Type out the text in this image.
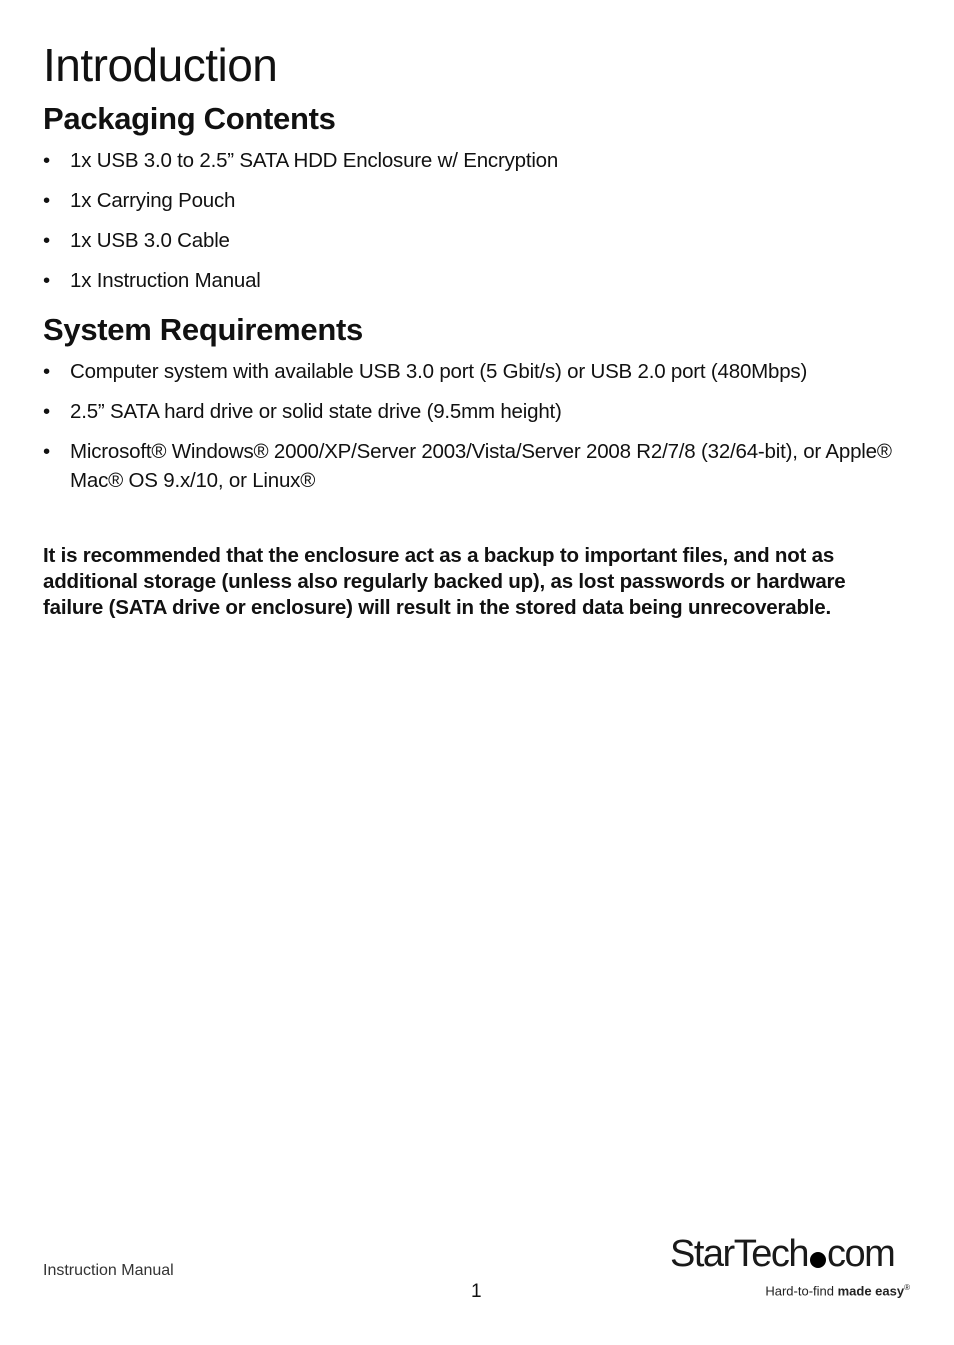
Introduction
Packaging Contents
• 1x USB 3.0 to 2.5” SATA HDD Enclosure w/ Encryption
• 1x Carrying Pouch
• 1x USB 3.0 Cable
• 1x Instruction Manual
System Requirements
• Computer system with available USB 3.0 port (5 Gbit/s) or USB 2.0 port (480Mbps)
• 2.5” SATA hard drive or solid state drive (9.5mm height)
• Microsoft® Windows® 2000/XP/Server 2003/Vista/Server 2008 R2/7/8 (32/64-bit), or Apple® Mac® OS 9.x/10, or Linux®

It is recommended that the enclosure act as a backup to important files, and not as additional storage (unless also regularly backed up), as lost passwords or hardware failure (SATA drive or enclosure) will result in the stored data being unrecoverable.

Instruction Manual
1
StarTech com
Hard-to-find made easy®
